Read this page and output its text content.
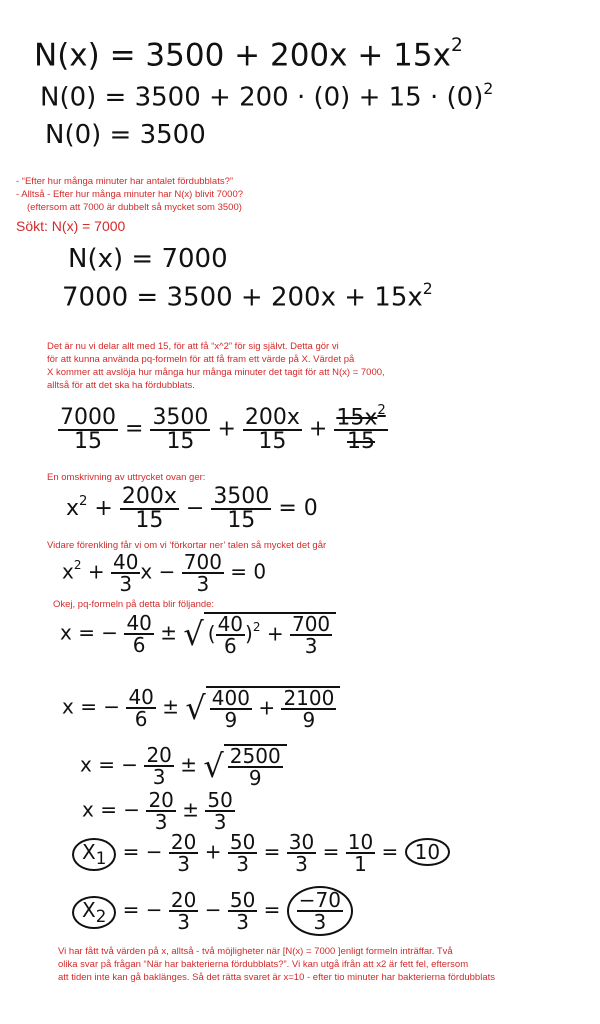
$N(x) = 3500 + 200x + 15x^2$
$N(0) = 3500 + 200 \cdot (0) + 15 \cdot (0)^2$
N(0) = 3500
- “Efter hur många minuter har antalet fördubblats?”
- Alltså - Efter hur många minuter har N(x) blivit 7000?
(eftersom att 7000 är dubbelt så mycket som 3500)
Sökt: N(x) = 7000
N(x) = 7000
$7000 = 3500 + 200x + 15x^2$
Det är nu vi delar allt med 15, för att få “x^2” för sig självt. Detta gör vi
för att kunna använda pq-formeln för att få fram ett värde på X. Värdet på
X kommer att avslöja hur många hur många minuter det tagit för att N(x) = 7000,
alltså för att det ska ha fördubblats.
$\frac{7000}{15} = \frac{3500}{15} + \frac{200x}{15} + \frac{15x^2}{15}$
En omskrivning av uttrycket ovan ger:
$x^2 + \frac{200x}{15} - \frac{3500}{15} = 0$
Vidare förenkling får vi om vi ‘förkortar ner’ talen så mycket det går
$x^2 + \frac{40}{3}$ $x - \frac{700}{3} = 0$
Okej, pq-formeln på detta blir följande:
x = − $\frac{40}{6}$ ± √ ( $\frac{40}{6} )^2 + \frac{700}{3}$
x = − $\frac{40}{6}$ ± √ $\frac{400}{9} + \frac{2100}{9}$
x = − $\frac{20}{3}$ ± √ $\frac{2500}{9}$
x = − $\frac{20}{3} \pm \frac{50}{3}$
$X_1$ = − $\frac{20}{3} + \frac{50}{3} = \frac{30}{3} = \frac{10}{1} = 10$
$X_2$ = − $\frac{20}{3} - \frac{50}{3} = \frac{-70}{3}$
Vi har fått två värden på x, alltså - två möjligheter när [N(x) = 7000 ]enligt formeln inträffar. Två
olika svar på frågan “När har bakterierna fördubblats?”. Vi kan utgå ifrån att x2 är fett fel, eftersom
att tiden inte kan gå baklänges. Så det rätta svaret är x=10 - efter tio minuter har bakterierna fördubblats
